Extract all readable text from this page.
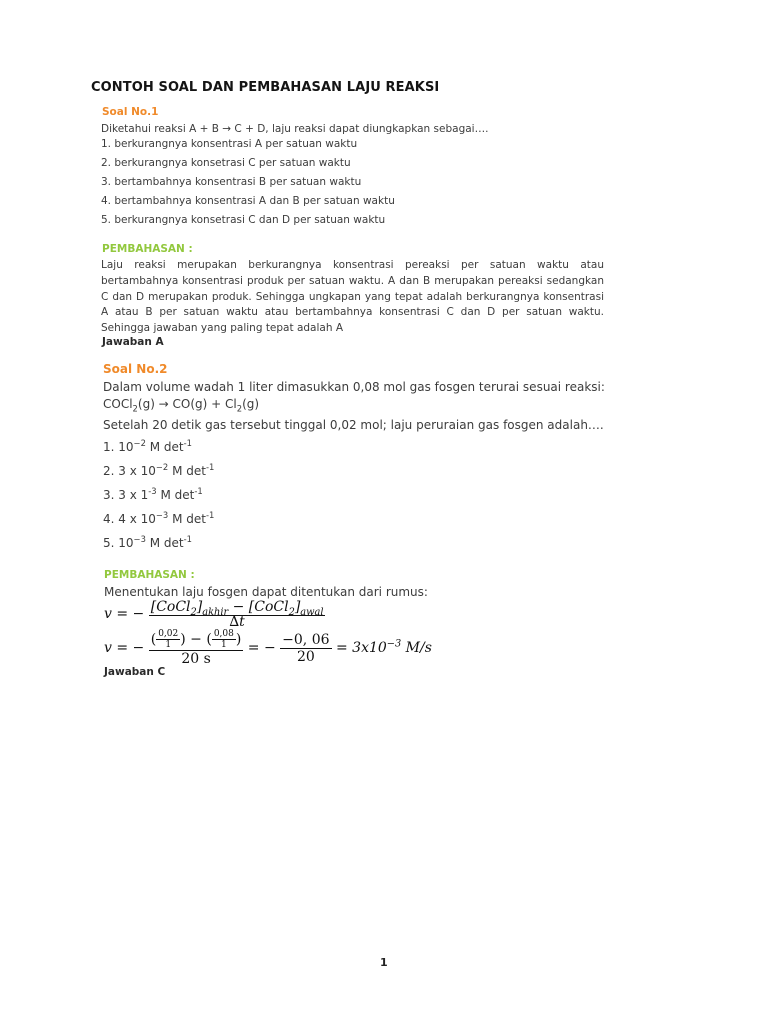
CONTOH SOAL DAN PEMBAHASAN LAJU REAKSI
Soal No.1
Diketahui reaksi A + B → C + D, laju reaksi dapat diungkapkan sebagai….
1. berkurangnya konsentrasi A per satuan waktu
2. berkurangnya konsetrasi C per satuan waktu
3. bertambahnya konsentrasi B per satuan waktu
4. bertambahnya konsentrasi A dan B per satuan waktu
5. berkurangnya konsetrasi C dan D per satuan waktu
PEMBAHASAN :
Laju reaksi merupakan berkurangnya konsentrasi pereaksi per satuan waktu atau bertambahnya konsentrasi produk per satuan waktu. A dan B merupakan pereaksi sedangkan C dan D merupakan produk. Sehingga ungkapan yang tepat adalah berkurangnya konsentrasi A atau B per satuan waktu atau bertambahnya konsentrasi C dan D per satuan waktu. Sehingga jawaban yang paling tepat adalah A
Jawaban A
Soal No.2
Dalam volume wadah 1 liter dimasukkan 0,08 mol gas fosgen terurai sesuai reaksi:
COCl$_2$(g) → $CO(g) + Cl_2(g)$
Setelah 20 detik gas tersebut tinggal 0,02 mol; laju peruraian gas fosgen adalah….
1. $10^{-2}$ M $\det^{-1}$
2. 3 x $10^{-2}$ M $\det^{-1}$
3. 3 x $1^{-3}$ M $\det^{-1}$
4. 4 x $10^{-3}$ M $\det^{-1}$
5. $10^{-3}$ M $\det^{-1}$
PEMBAHASAN :
Menentukan laju fosgen dapat ditentukan dari rumus:
v = − $\frac{[CoCl_2]_{akhir} - [CoCl_2]_{awal}}{\Delta t}$
v = − $\frac{( \frac{0,02}{1} ) - ( \frac{0,08}{1} )}{20 s}$ = − $\frac{-0, 06}{20} = 3x10^{-3}$ M/s
Jawaban C
1
